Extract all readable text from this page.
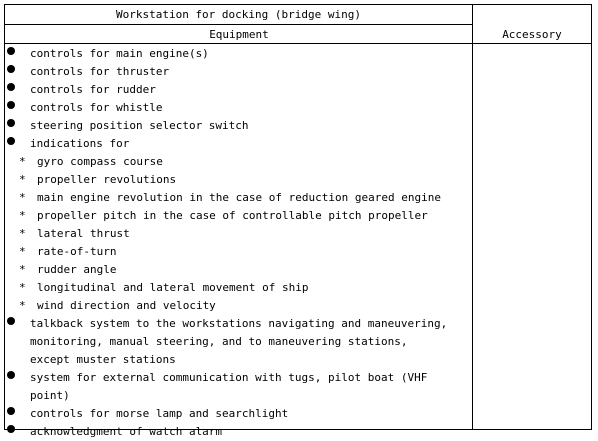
Workstation for docking (bridge wing)
Equipment	Accessory
controls for main engine(s)
controls for thruster
controls for rudder
controls for whistle
steering position selector switch
indications for
*	gyro compass course
*	propeller revolutions
*	main engine revolution in the case of reduction geared engine
*	propeller pitch in the case of controllable pitch propeller
*	lateral thrust
*	rate-of-turn
*	rudder angle
*	longitudinal and lateral movement of ship
*	wind direction and velocity
talkback system to the workstations navigating and maneuvering,
monitoring, manual steering, and to maneuvering stations,
except muster stations
system for external communication with tugs, pilot boat (VHF
point)
controls for morse lamp and searchlight
acknowledgment of watch alarm
